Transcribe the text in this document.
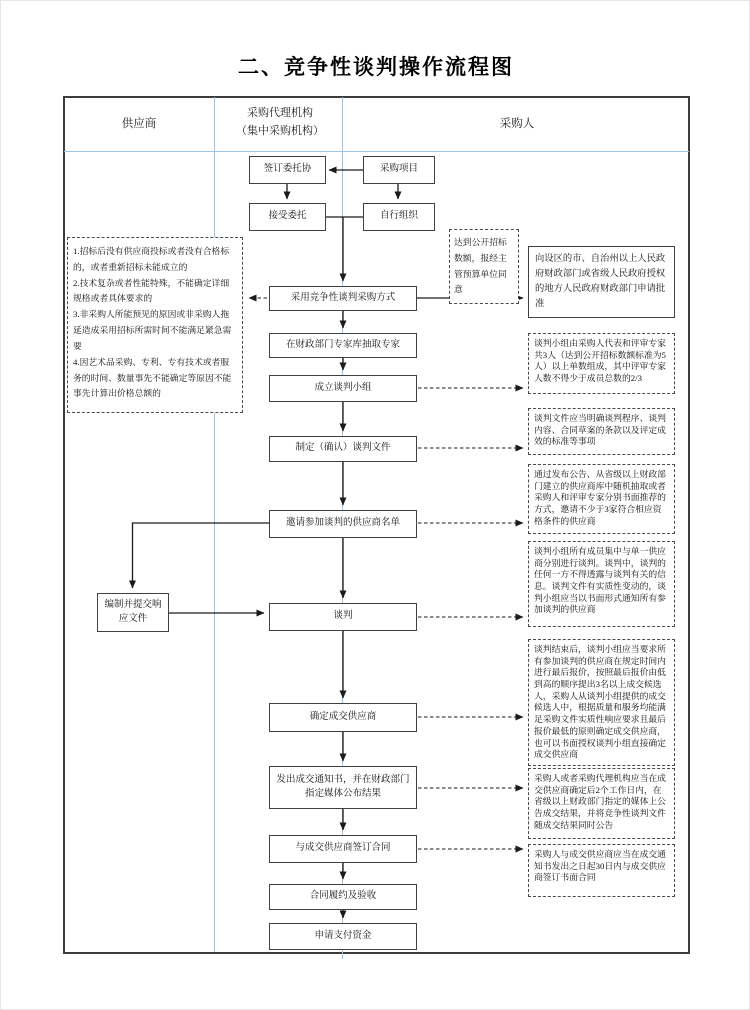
二、竞争性谈判操作流程图
供应商
采购代理机构
（集中采购机构）
采购人
签订委托协	采购项目
接受委托	自行组织
向设区的市、自治州以上人民政府财政部门或省级人民政府授权的地方人民政府财政部门申请批准
采用竞争性谈判采购方式
在财政部门专家库抽取专家
成立谈判小组
制定（确认）谈判文件
邀请参加谈判的供应商名单
编制并提交响应文件	谈判
确定成交供应商
发出成交通知书，并在财政部门指定媒体公布结果
与成交供应商签订合同
合同履约及验收
申请支付资金
1.招标后没有供应商投标或者没有合格标的，或者重新招标未能成立的
2.技术复杂或者性能特殊，不能确定详细规格或者具体要求的
3.非采购人所能预见的原因或非采购人拖延造成采用招标所需时间不能满足紧急需要
4.因艺术品采购、专利、专有技术或者服务的时间、数量事先不能确定等原因不能事先计算出价格总额的
达到公开招标数额，报经主管预算单位同意
谈判小组由采购人代表和评审专家共3人（达到公开招标数额标准为5人）以上单数组成，其中评审专家人数不得少于成员总数的2/3
谈判文件应当明确谈判程序、谈判内容、合同草案的条款以及评定成效的标准等事项
通过发布公告、从省级以上财政部门建立的供应商库中随机抽取或者采购人和评审专家分别书面推荐的方式，邀请不少于3家符合相应资格条件的供应商
谈判小组所有成员集中与单一供应商分别进行谈判。谈判中，谈判的任何一方不得透露与谈判有关的信息。谈判文件有实质性变动的，谈判小组应当以书面形式通知所有参加谈判的供应商
谈判结束后，谈判小组应当要求所有参加谈判的供应商在规定时间内进行最后报价，按照最后报价由低到高的顺序提出3名以上成交候选人，采购人从谈判小组提供的成交候选人中，根据质量和服务均能满足采购文件实质性响应要求且最后报价最低的原则确定成交供应商，也可以书面授权谈判小组直接确定成交供应商
采购人或者采购代理机构应当在成交供应商确定后2个工作日内，在省级以上财政部门指定的媒体上公告成交结果，并将竞争性谈判文件随成交结果同时公告
采购人与成交供应商应当在成交通知书发出之日起30日内与成交供应商签订书面合同
